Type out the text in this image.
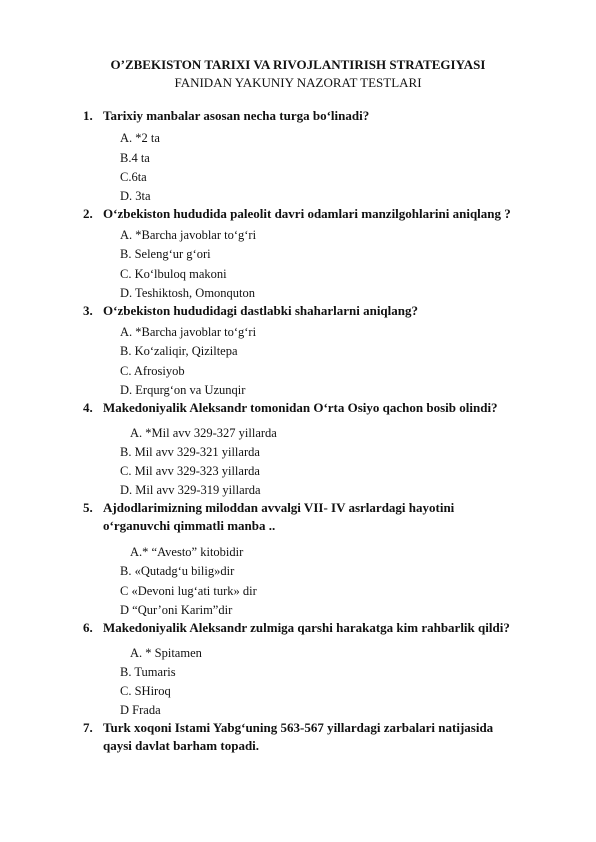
O’ZBEKISTON TARIXI VA RIVOJLANTIRISH STRATEGIYASI
FANIDAN YAKUNIY NAZORAT TESTLARI
1. Tarixiy manbalar asosan necha turga bo‘linadi?
A. *2 ta
B.4 ta
C.6ta
D. 3ta
2. O‘zbekiston hududida paleolit davri odamlari manzilgohlarini aniqlang ?
A. *Barcha javoblar to‘g‘ri
B. Seleng‘ur g‘ori
C. Ko‘lbuloq makoni
D. Teshiktosh, Omonquton
3. O‘zbekiston hududidagi dastlabki shaharlarni aniqlang?
A. *Barcha javoblar to‘g‘ri
B. Ko‘zaliqir, Qiziltepa
C. Afrosiyob
D. Erqurg‘on va Uzunqir
4. Makedoniyalik Aleksandr tomonidan O‘rta Osiyo qachon bosib olindi?
A. *Mil avv 329-327 yillarda
B. Mil avv 329-321 yillarda
C. Mil avv 329-323 yillarda
D. Mil avv 329-319 yillarda
5. Ajdodlarimizning miloddan avvalgi VII- IV asrlardagi hayotini
o‘rganuvchi qimmatli manba ..
A.* “Avesto” kitobidir
B. «Qutadg‘u bilig»dir
C «Devoni lug‘ati turk» dir
D “Qur’oni Karim”dir
6. Makedoniyalik Aleksandr zulmiga qarshi harakatga kim rahbarlik qildi?
A. * Spitamen
B. Tumaris
C. SHiroq
D Frada
7. Turk xoqoni Istami Yabg‘uning 563-567 yillardagi zarbalari natijasida
qaysi davlat barham topadi.
